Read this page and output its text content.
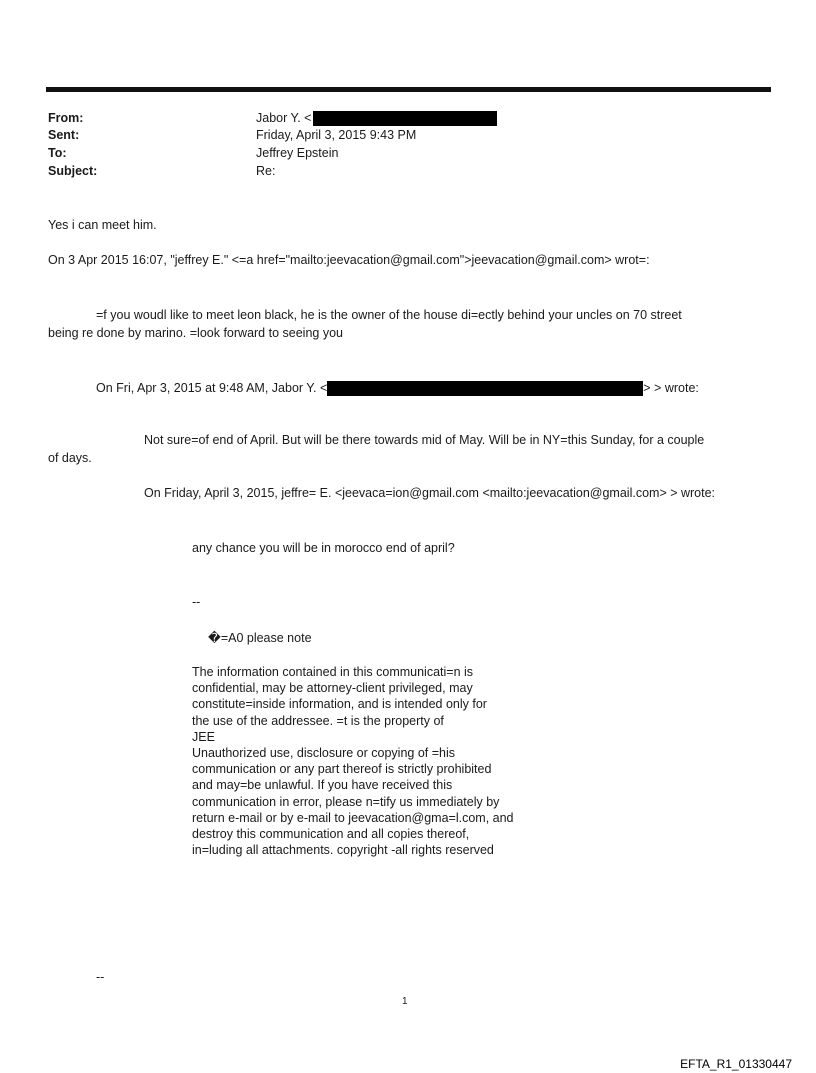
From:	Jabor Y. <
Sent:	Friday, April 3, 2015 9:43 PM
To:	Jeffrey Epstein
Subject:	Re:
Yes i can meet him.
On 3 Apr 2015 16:07, "jeffrey E." <=a href="mailto:jeevacation@gmail.com">jeevacation@gmail.com> wrot=:
=f you woudl like to meet leon black, he is the owner of the house di=ectly behind your uncles on 70 street
being re done by marino. =look forward to seeing you
On Fri, Apr 3, 2015 at 9:48 AM, Jabor Y. <	> > wrote:
Not sure=of end of April. But will be there towards mid of May. Will be in NY=this Sunday, for a couple
of days.
On Friday, April 3, 2015, jeffre= E. <jeevaca=ion@gmail.com <mailto:jeevacation@gmail.com> > wrote:
any chance you will be in morocco end of april?
--
�=A0 please note
The information contained in this communicati=n is
confidential, may be attorney-client privileged, may
constitute=inside information, and is intended only for
the use of the addressee. =t is the property of
JEE
Unauthorized use, disclosure or copying of =his
communication or any part thereof is strictly prohibited
and may=be unlawful. If you have received this
communication in error, please n=tify us immediately by
return e-mail or by e-mail to jeevacation@gma=l.com, and
destroy this communication and all copies thereof,
in=luding all attachments. copyright -all rights reserved
--
1
EFTA_R1_01330447
